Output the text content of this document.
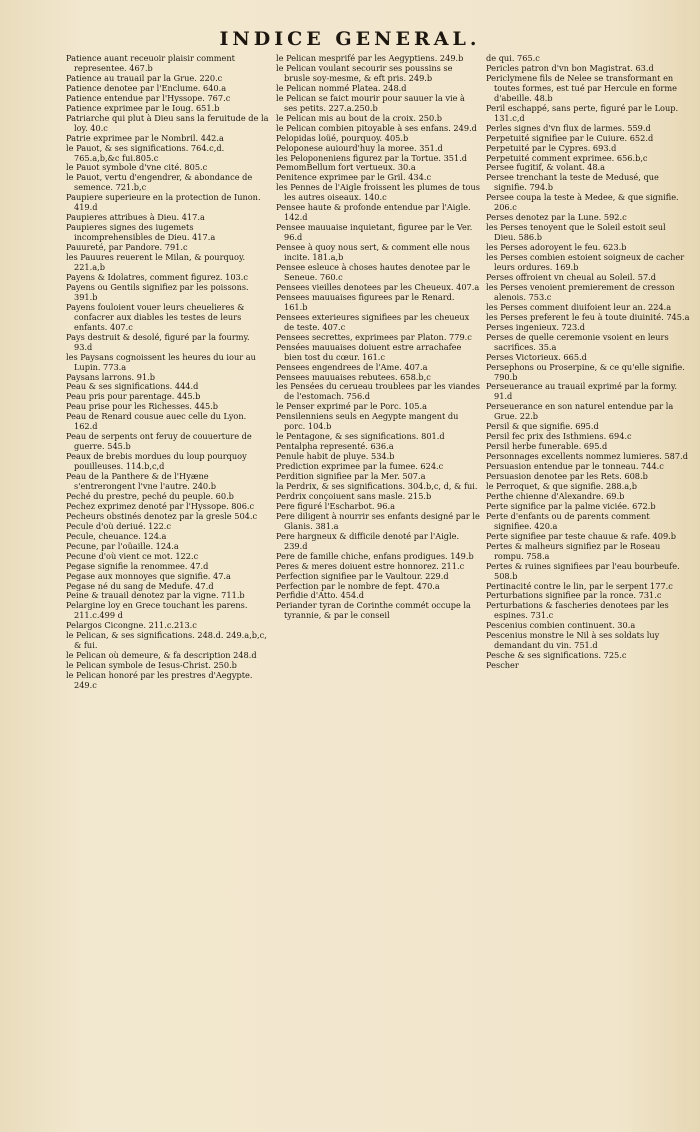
INDICE GENERAL.
Patience auant receuoir plaisir comment representee. 467.b
Patience au trauail par la Grue. 220.c
Patience denotee par l'Enclume. 640.a
Patience entendue par l'Hyssope. 767.c
Patience exprimee par le Ioug. 651.b
Patriarche qui plut à Dieu sans la feruitude de la loy. 40.c
Patrie exprimee par le Nombril. 442.a
le Pauot, & ses significations. 764.c,d. 765.a,b,&c fui.805.c
le Pauot symbole d'vne cité. 805.c
le Pauot, vertu d'engendrer, & abondance de semence. 721.b,c
Paupiere superieure en la protection de Iunon. 419.d
Paupieres attribues à Dieu. 417.a
Paupieres signes des iugemets incomprehensibles de Dieu. 417.a
Pauureté, par Pandore. 791.c
les Pauures reuerent le Milan, & pourquoy. 221.a,b
Payens & Idolatres, comment figurez. 103.c
Payens ou Gentils signifiez par les poissons. 391.b
Payens fouloient vouer leurs cheuelieres & confacrer aux diables les testes de leurs enfants. 407.c
Pays destruit & desolé, figuré par la fourmy. 93.d
les Paysans cognoissent les heures du iour au Lupin. 773.a
Paysans larrons. 91.b
Peau & ses significations. 444.d
Peau pris pour parentage. 445.b
Peau prise pour les Richesses. 445.b
Peau de Renard cousue auec celle du Lyon. 162.d
Peau de serpents ont feruy de couuerture de guerre. 545.b
Peaux de brebis mordues du loup pourquoy pouilleuses. 114.b,c,d
Peau de la Panthere & de l'Hyæne s'entrerongent l'vne l'autre. 240.b
Peché du prestre, peché du peuple. 60.b
Pechez exprimez denoté par l'Hyssope. 806.c
Pecheurs obstinés denotez par la gresle 504.c
Pecule d'où deriué. 122.c
Pecule, cheuance. 124.a
Pecune, par l'oüaille. 124.a
Pecune d'où vient ce mot. 122.c
Pegase signifie la renommee. 47.d
Pegase aux monnoyes que signifie. 47.a
Pegase né du sang de Medufe. 47.d
Peine & trauail denotez par la vigne. 711.b
Pelargine loy en Grece touchant les parens. 211.c.499 d
Pelargos Cicongne. 211.c.213.c
le Pelican, & ses significations. 248.d. 249.a,b,c, & fui.
le Pelican où demeure, & fa description 248.d
le Pelican symbole de Iesus-Christ. 250.b
le Pelican honoré par les prestres d'Aegypte. 249.c
le Pelican mesprifé par les Aegyptiens. 249.b
le Pelican voulant secourir ses poussins se brusle soy-mesme, & eft pris. 249.b
le Pelican nommé Platea. 248.d
le Pelican se faict mourir pour sauuer la vie à ses petits. 227.a.250.b
le Pelican mis au bout de la croix. 250.b
le Pelican combien pitoyable à ses enfans. 249.d
Pelopidas loüé, pourquoy. 405.b
Peloponese auiourd'huy la moree. 351.d
les Peloponeniens figurez par la Tortue. 351.d
PemomBellum fort vertueux. 30.a
Penitence exprimee par le Gril. 434.c
les Pennes de l'Aigle froissent les plumes de tous les autres oiseaux. 140.c
Pensee haute & profonde entendue par l'Aigle. 142.d
Pensee mauuaise inquietant, figuree par le Ver. 96.d
Pensee à quoy nous sert, & comment elle nous incite. 181.a,b
Pensee esleuce à choses hautes denotee par le Seneue. 760.c
Pensees vieilles denotees par les Cheueux. 407.a
Pensees mauuaises figurees par le Renard. 161.b
Pensees exterieures signifiees par les cheueux de teste. 407.c
Pensees secrettes, exprimees par Platon. 779.c
Pensées mauuaises doiuent estre arrachafee bien tost du cœur. 161.c
Pensees engendrees de l'Ame. 407.a
Pensees mauuaises rebutees. 658.b,c
les Pensées du cerueau troublees par les viandes de l'estomach. 756.d
le Penser exprimé par le Porc. 105.a
Pensilenniens seuls en Aegypte mangent du porc. 104.b
le Pentagone, & ses significations. 801.d
Pentalpha representé. 636.a
Penule habit de pluye. 534.b
Prediction exprimee par la fumee. 624.c
Perdition signifiee par la Mer. 507.a
la Perdrix, & ses significations. 304.b,c, d, & fui.
Perdrix conçoiuent sans masle. 215.b
Pere figuré l'Escharbot. 96.a
Pere diligent à nourrir ses enfants designé par le Glanis. 381.a
Pere hargneux & difficile denoté par l'Aigle. 239.d
Pere de famille chiche, enfans prodigues. 149.b
Peres & meres doiuent estre honnorez. 211.c
Perfection signifiee par le Vaultour. 229.d
Perfection par le nombre de fept. 470.a
Perfidie d'Atto. 454.d
Periander tyran de Corinthe commét occupe la tyrannie, & par le conseil
de qui. 765.c
Pericles patron d'vn bon Magistrat. 63.d
Periclymene fils de Nelee se transformant en toutes formes, est tué par Hercule en forme d'abeille. 48.b
Peril eschappé, sans perte, figuré par le Loup. 131.c,d
Perles signes d'vn flux de larmes. 559.d
Perpetuité signifiee par le Cuiure. 652.d
Perpetuité par le Cypres. 693.d
Perpetuité comment exprimee. 656.b,c
Persee fugitif, & volant. 48.a
Persee trenchant la teste de Medusé, que signifie. 794.b
Persee coupa la teste à Medee, & que signifie. 206.c
Perses denotez par la Lune. 592.c
les Perses tenoyent que le Soleil estoit seul Dieu. 586.b
les Perses adoroyent le feu. 623.b
les Perses combien estoient soigneux de cacher leurs ordures. 169.b
Perses offroient vn cheual au Soleil. 57.d
les Perses venoient premierement de cresson alenois. 753.c
les Perses comment diuifoient leur an. 224.a
les Perses preferent le feu à toute diuinité. 745.a
Perses ingenieux. 723.d
Perses de quelle ceremonie vsoient en leurs sacrifices. 35.a
Perses Victorieux. 665.d
Persephons ou Proserpine, & ce qu'elle signifie. 790.b
Perseuerance au trauail exprimé par la formy. 91.d
Perseuerance en son naturel entendue par la Grue. 22.b
Persil & que signifie. 695.d
Persil fec prix des Isthmiens. 694.c
Persil herbe funerable. 695.d
Personnages excellents nommez lumieres. 587.d
Persuasion entendue par le tonneau. 744.c
Persuasion denotee par les Rets. 608.b
le Perroquet, & que signifie. 288.a,b
Perthe chienne d'Alexandre. 69.b
Perte significe par la palme viciée. 672.b
Perte d'enfants ou de parents comment signifiee. 420.a
Perte signifiee par teste chauue & rafe. 409.b
Pertes & malheurs signifiez par le Roseau rompu. 758.a
Pertes & ruines signifiees par l'eau bourbeufe. 508.b
Pertinacité contre le lin, par le serpent 177.c
Perturbations signifiee par la ronce. 731.c
Perturbations & fascheries denotees par les espines. 731.c
Pescenius combien continuent. 30.a
Pescenius monstre le Nil à ses soldats luy demandant du vin. 751.d
Pesche & ses significations. 725.c
Pescher
